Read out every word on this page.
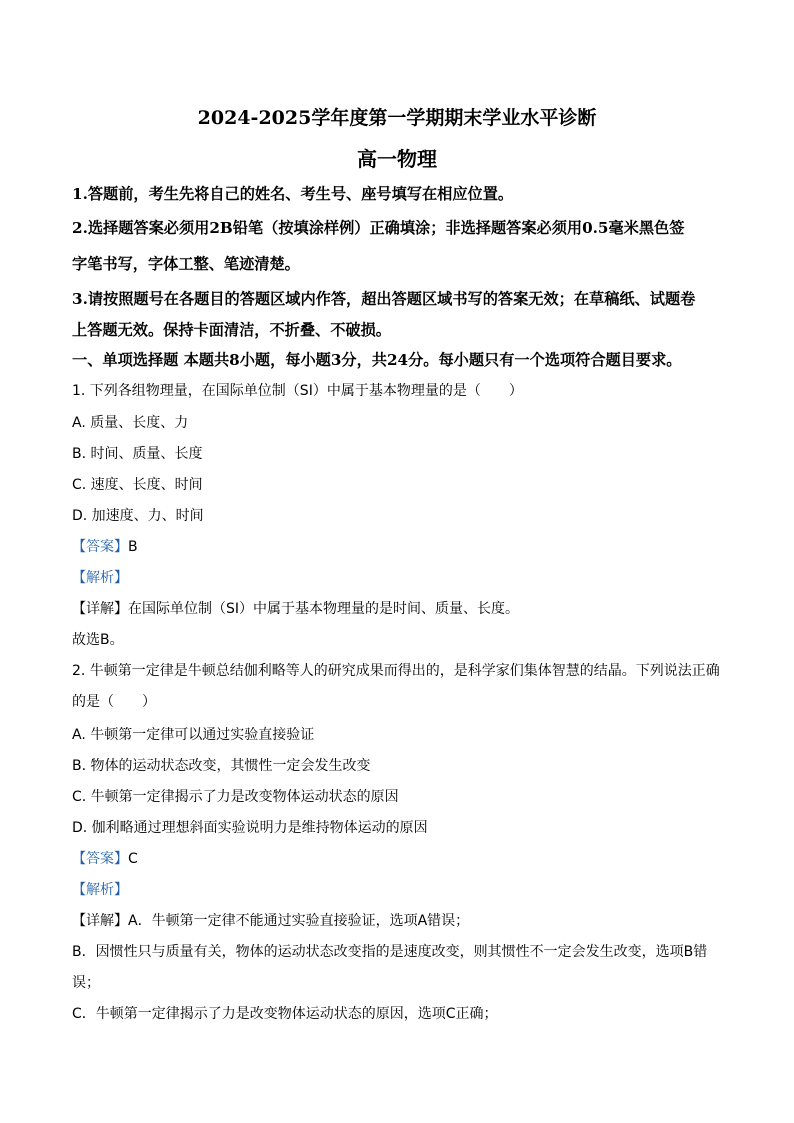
2024-2025学年度第一学期期末学业水平诊断
高一物理
1.答题前，考生先将自己的姓名、考生号、座号填写在相应位置。
2.选择题答案必须用2B铅笔（按填涂样例）正确填涂；非选择题答案必须用0.5毫米黑色签
字笔书写，字体工整、笔迹清楚。
3.请按照题号在各题目的答题区域内作答，超出答题区域书写的答案无效；在草稿纸、试题卷
上答题无效。保持卡面清洁，不折叠、不破损。
一、单项选择题 本题共8小题，每小题3分，共24分。每小题只有一个选项符合题目要求。
1. 下列各组物理量，在国际单位制（SI）中属于基本物理量的是（　　）
A. 质量、长度、力
B. 时间、质量、长度
C. 速度、长度、时间
D. 加速度、力、时间
【答案】B
【解析】
【详解】在国际单位制（SI）中属于基本物理量的是时间、质量、长度。
故选B。
2. 牛顿第一定律是牛顿总结伽利略等人的研究成果而得出的，是科学家们集体智慧的结晶。下列说法正确
的是（　　）
A. 牛顿第一定律可以通过实验直接验证
B. 物体的运动状态改变，其惯性一定会发生改变
C. 牛顿第一定律揭示了力是改变物体运动状态的原因
D. 伽利略通过理想斜面实验说明力是维持物体运动的原因
【答案】C
【解析】
【详解】A．牛顿第一定律不能通过实验直接验证，选项A错误；
B．因惯性只与质量有关，物体的运动状态改变指的是速度改变，则其惯性不一定会发生改变，选项B错
误；
C．牛顿第一定律揭示了力是改变物体运动状态的原因，选项C正确；
